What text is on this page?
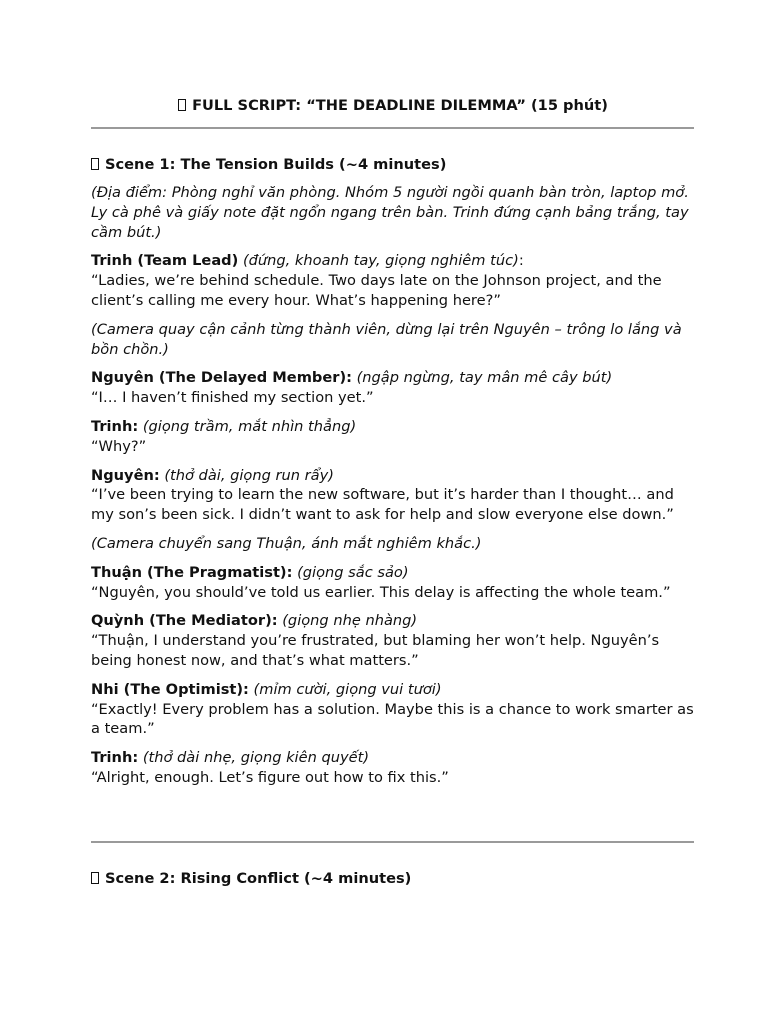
FULL SCRIPT: “THE DEADLINE DILEMMA” (15 phút)
Scene 1: The Tension Builds (~4 minutes)
(Địa điểm: Phòng nghỉ văn phòng. Nhóm 5 người ngồi quanh bàn tròn, laptop mở. Ly cà phê và giấy note đặt ngổn ngang trên bàn. Trinh đứng cạnh bảng trắng, tay cầm bút.)
Trinh (Team Lead) (đứng, khoanh tay, giọng nghiêm túc):
“Ladies, we’re behind schedule. Two days late on the Johnson project, and the client’s calling me every hour. What’s happening here?”
(Camera quay cận cảnh từng thành viên, dừng lại trên Nguyên – trông lo lắng và bồn chồn.)
Nguyên (The Delayed Member): (ngập ngừng, tay mân mê cây bút)
“I… I haven’t finished my section yet.”
Trinh: (giọng trầm, mắt nhìn thẳng)
“Why?”
Nguyên: (thở dài, giọng run rẩy)
“I’ve been trying to learn the new software, but it’s harder than I thought… and my son’s been sick. I didn’t want to ask for help and slow everyone else down.”
(Camera chuyển sang Thuận, ánh mắt nghiêm khắc.)
Thuận (The Pragmatist): (giọng sắc sảo)
“Nguyên, you should’ve told us earlier. This delay is affecting the whole team.”
Quỳnh (The Mediator): (giọng nhẹ nhàng)
“Thuận, I understand you’re frustrated, but blaming her won’t help. Nguyên’s being honest now, and that’s what matters.”
Nhi (The Optimist): (mỉm cười, giọng vui tươi)
“Exactly! Every problem has a solution. Maybe this is a chance to work smarter as a team.”
Trinh: (thở dài nhẹ, giọng kiên quyết)
“Alright, enough. Let’s figure out how to fix this.”
Scene 2: Rising Conflict (~4 minutes)
